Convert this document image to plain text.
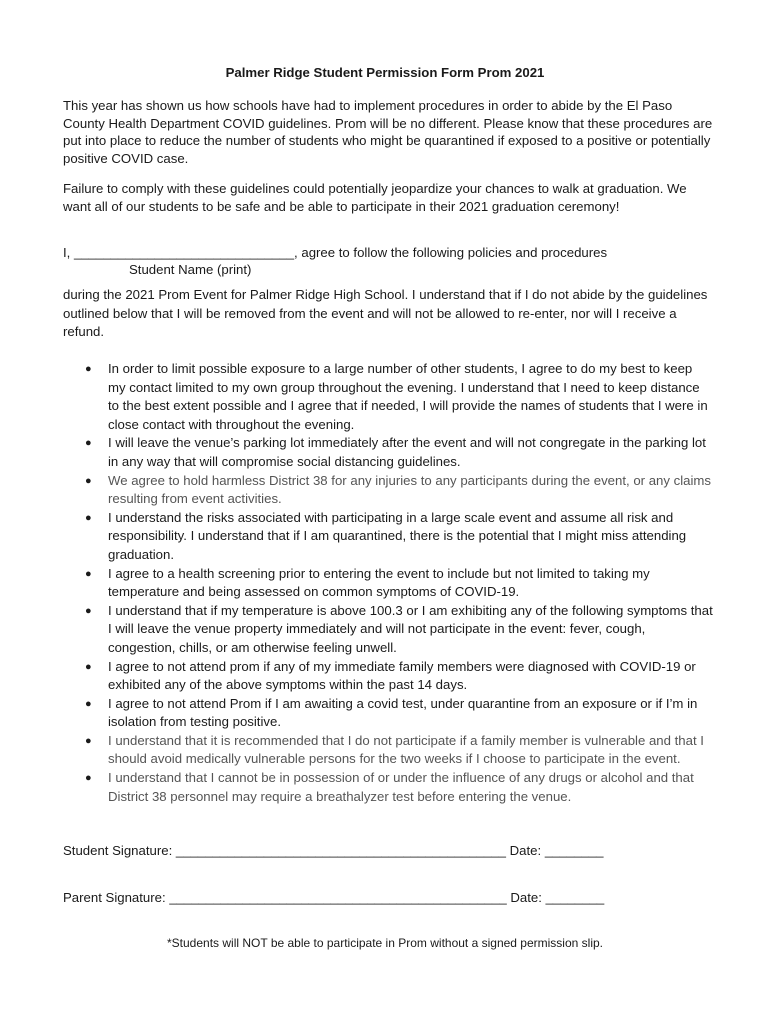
Palmer Ridge Student Permission Form Prom 2021

This year has shown us how schools have had to implement procedures in order to abide by the El Paso County Health Department COVID guidelines. Prom will be no different. Please know that these procedures are put into place to reduce the number of students who might be quarantined if exposed to a positive or potentially positive COVID case.

Failure to comply with these guidelines could potentially jeopardize your chances to walk at graduation. We want all of our students to be safe and be able to participate in their 2021 graduation ceremony!

I, ______________________________, agree to follow the following policies and procedures
Student Name (print)

during the 2021 Prom Event for Palmer Ridge High School. I understand that if I do not abide by the guidelines outlined below that I will be removed from the event and will not be allowed to re-enter, nor will I receive a refund.

● In order to limit possible exposure to a large number of other students, I agree to do my best to keep my contact limited to my own group throughout the evening. I understand that I need to keep distance to the best extent possible and I agree that if needed, I will provide the names of students that I were in close contact with throughout the evening.
● I will leave the venue’s parking lot immediately after the event and will not congregate in the parking lot in any way that will compromise social distancing guidelines.
● We agree to hold harmless District 38 for any injuries to any participants during the event, or any claims resulting from event activities.
● I understand the risks associated with participating in a large scale event and assume all risk and responsibility. I understand that if I am quarantined, there is the potential that I might miss attending graduation.
● I agree to a health screening prior to entering the event to include but not limited to taking my temperature and being assessed on common symptoms of COVID-19.
● I understand that if my temperature is above 100.3 or I am exhibiting any of the following symptoms that I will leave the venue property immediately and will not participate in the event: fever, cough, congestion, chills, or am otherwise feeling unwell.
● I agree to not attend prom if any of my immediate family members were diagnosed with COVID-19 or exhibited any of the above symptoms within the past 14 days.
● I agree to not attend Prom if I am awaiting a covid test, under quarantine from an exposure or if I’m in isolation from testing positive.
● I understand that it is recommended that I do not participate if a family member is vulnerable and that I should avoid medically vulnerable persons for the two weeks if I choose to participate in the event.
● I understand that I cannot be in possession of or under the influence of any drugs or alcohol and that District 38 personnel may require a breathalyzer test before entering the venue.
Student Signature: _____________________________________________ Date: ________
Parent Signature: ______________________________________________ Date: ________
*Students will NOT be able to participate in Prom without a signed permission slip.
